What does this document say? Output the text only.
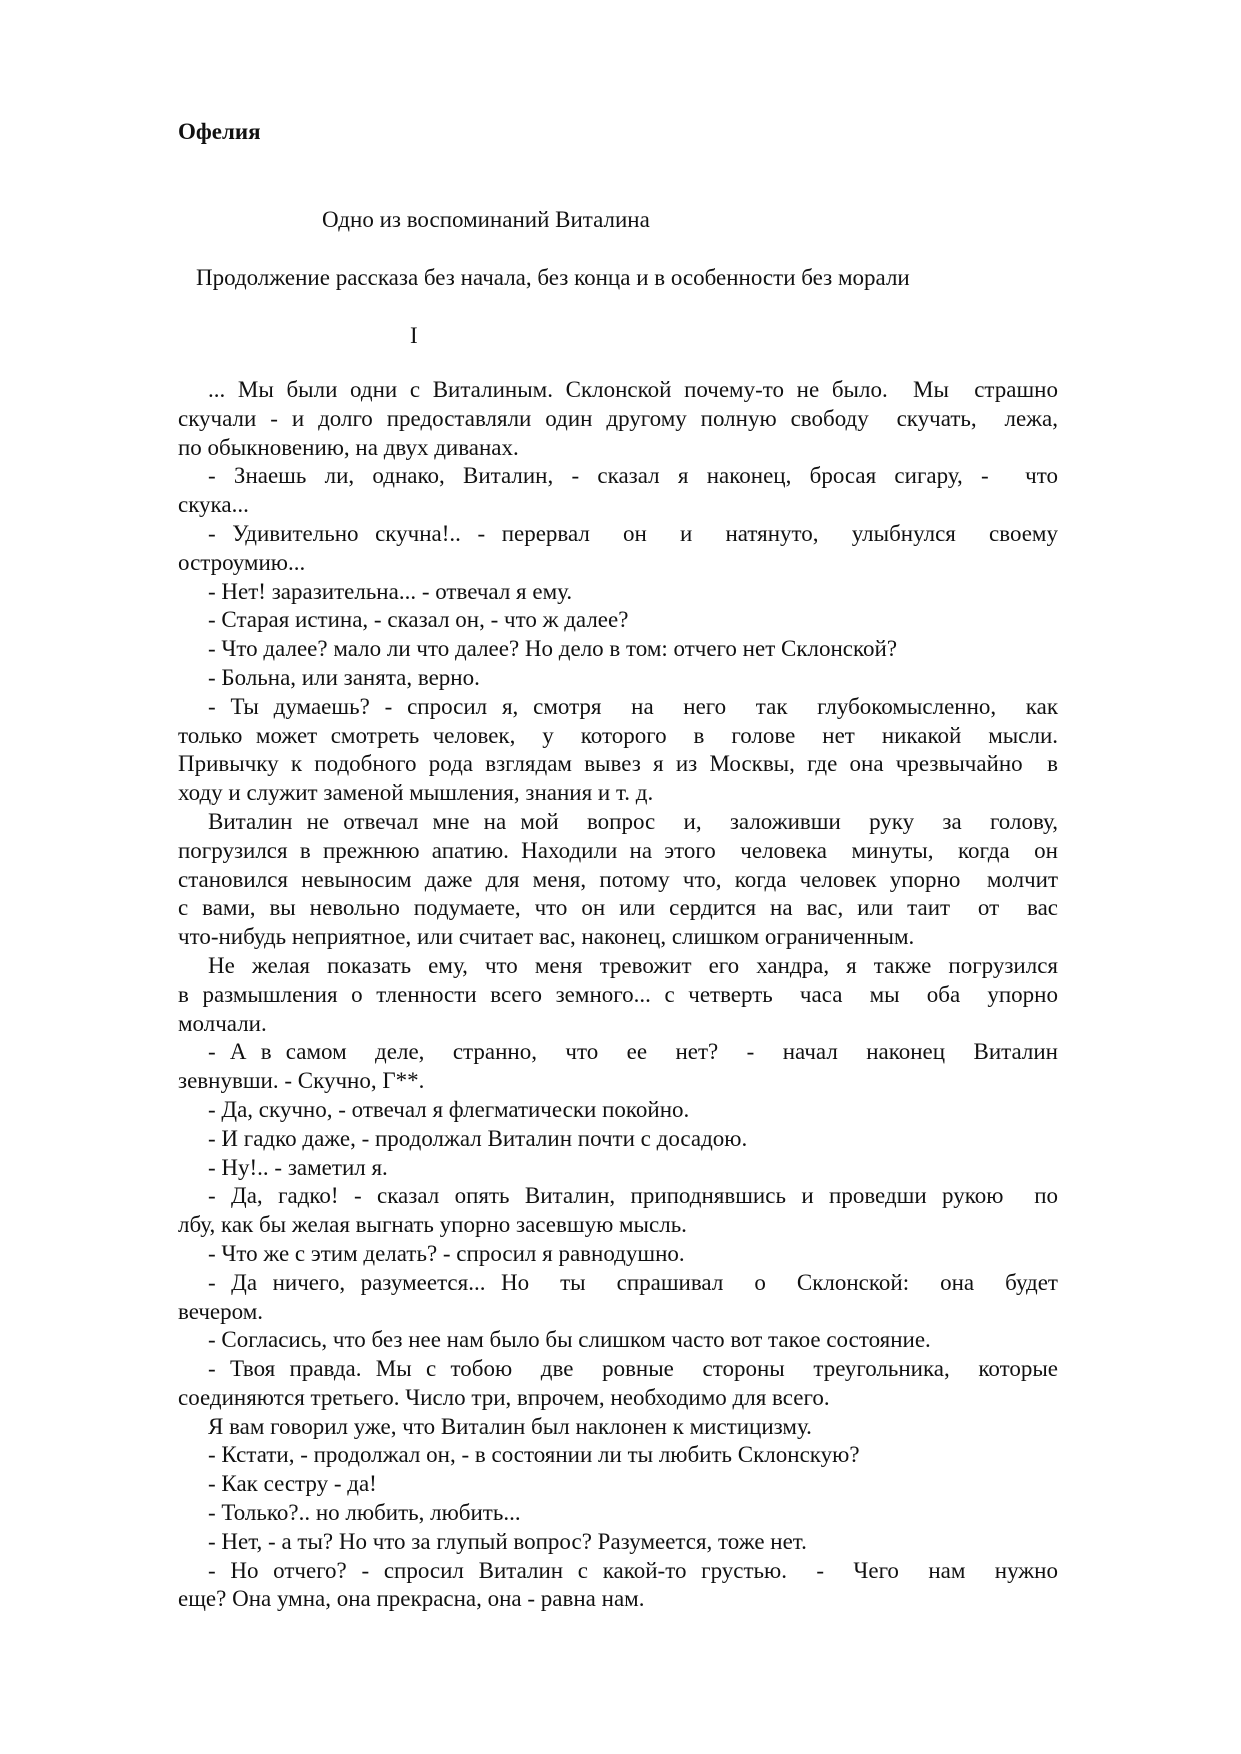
Офелия
Одно из воспоминаний Виталина
Продолжение рассказа без начала, без конца и в особенности без морали
I
... Мы были одни с Виталиным. Склонской почему-то не было.  Мы  страшно
скучали - и долго предоставляли один другому полную свободу  скучать,  лежа,
по обыкновению, на двух диванах.
- Знаешь ли, однако, Виталин, - сказал я наконец, бросая сигару, -  что
скука...
- Удивительно скучна!.. - перервал  он  и  натянуто,  улыбнулся  своему
остроумию...
- Нет! заразительна... - отвечал я ему.
- Старая истина, - сказал он, - что ж далее?
- Что далее? мало ли что далее? Но дело в том: отчего нет Склонской?
- Больна, или занята, верно.
- Ты думаешь? - спросил я, смотря  на  него  так  глубокомысленно,  как
только может смотреть человек,  у  которого  в  голове  нет  никакой  мысли.
Привычку к подобного рода взглядам вывез я из Москвы, где она чрезвычайно  в
ходу и служит заменой мышления, знания и т. д.
Виталин не отвечал мне на мой  вопрос  и,  заложивши  руку  за  голову,
погрузился в прежнюю апатию. Находили на этого  человека  минуты,  когда  он
становился невыносим даже для меня, потому что, когда человек упорно  молчит
с вами, вы невольно подумаете, что он или сердится на вас, или таит  от  вас
что-нибудь неприятное, или считает вас, наконец, слишком ограниченным.
Не желая показать ему, что меня тревожит его хандра, я также погрузился
в размышления о тленности всего земного... с четверть  часа  мы  оба  упорно
молчали.
- А в самом  деле,  странно,  что  ее  нет?  -  начал  наконец  Виталин
зевнувши. - Скучно, Г**.
- Да, скучно, - отвечал я флегматически покойно.
- И гадко даже, - продолжал Виталин почти с досадою.
- Ну!.. - заметил я.
- Да, гадко! - сказал опять Виталин, приподнявшись и проведши рукою  по
лбу, как бы желая выгнать упорно засевшую мысль.
- Что же с этим делать? - спросил я равнодушно.
- Да ничего, разумеется... Но  ты  спрашивал  о  Склонской:  она  будет
вечером.
- Согласись, что без нее нам было бы слишком часто вот такое состояние.
- Твоя правда. Мы с тобою  две  ровные  стороны  треугольника,  которые
соединяются третьего. Число три, впрочем, необходимо для всего.
Я вам говорил уже, что Виталин был наклонен к мистицизму.
- Кстати, - продолжал он, - в состоянии ли ты любить Склонскую?
- Как сестру - да!
- Только?.. но любить, любить...
- Нет, - а ты? Но что за глупый вопрос? Разумеется, тоже нет.
- Но отчего? - спросил Виталин с какой-то грустью.  -  Чего  нам  нужно
еще? Она умна, она прекрасна, она - равна нам.
